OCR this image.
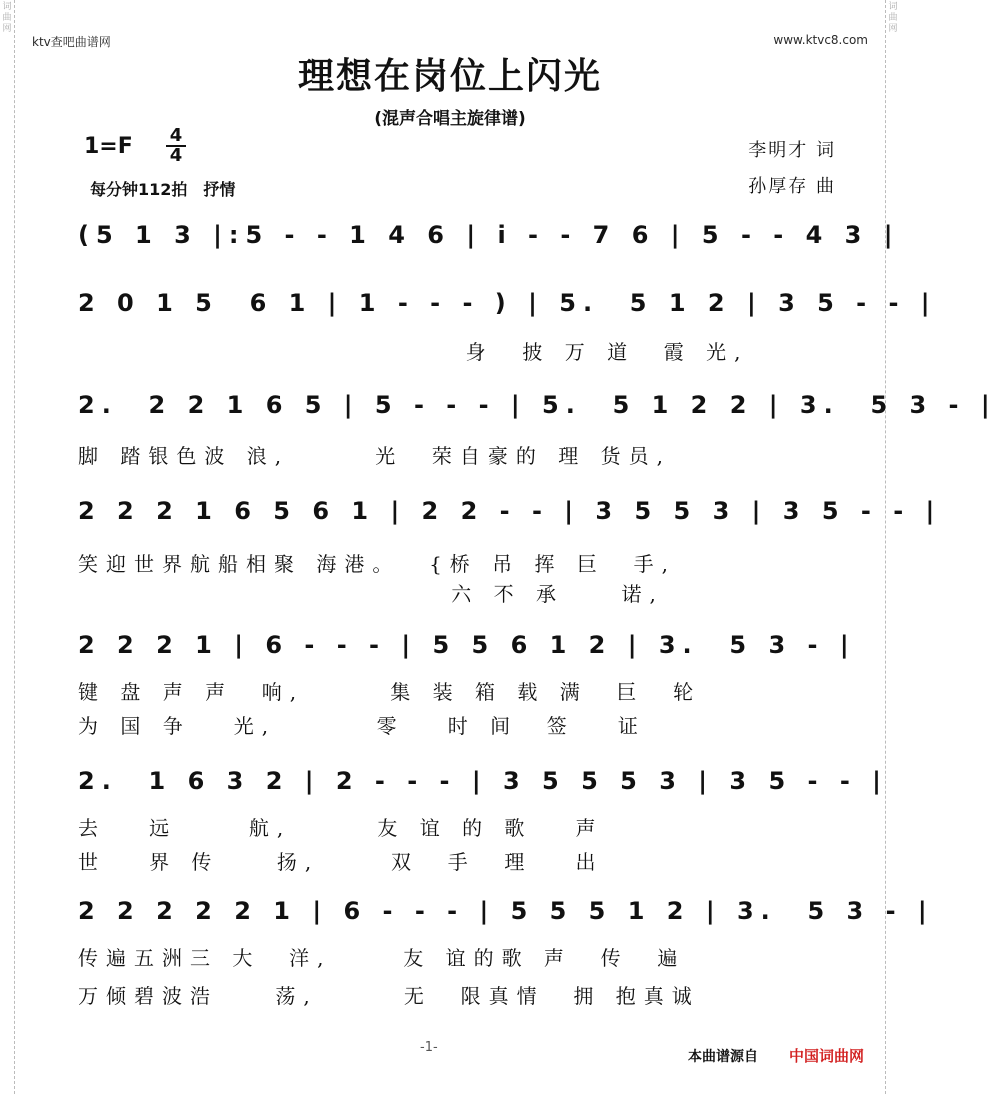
词曲网
词曲网
ktv查吧曲谱网	www.ktvc8.com
理想在岗位上闪光
(混声合唱主旋律谱)
1=F 4
4
每分钟112拍　抒情
李明才 词
孙厚存 曲
(5 1 3 |:5 - - 1 4 6 | i - - 7 6 | 5 - - 4 3 |
2 0 1 5  6 1 | 1 - - - ) | 5.  5 1 2 | 3 5 - - |
身  披 万 道  霞 光,
2.  2 2 1 6 5 | 5 - - - | 5.  5 1 2 2 | 3.  5 3 - |
脚 踏银色波 浪,      光  荣自豪的 理 货员,
2 2 2 1 6 5 6 1 | 2 2 - - | 3 5 5 3 | 3 5 - - |
笑迎世界航船相聚 海港。  {桥 吊 挥 巨  手,
六 不 承    诺,
2 2 2 1 | 6 - - - | 5 5 6 1 2 | 3.  5 3 - |
键 盘 声 声  响,      集 装 箱 载 满  巨  轮
为 国 争   光,       零   时 间  签   证
2.  1 6 3 2 | 2 - - - | 3 5 5 5 3 | 3 5 - - |
去   远     航,      友 谊 的 歌   声
世   界 传    扬,     双  手  理   出
2 2 2 2 2 1 | 6 - - - | 5 5 5 1 2 | 3.  5 3 - |
传遍五洲三 大  洋,     友 谊的歌 声  传  遍
万倾碧波浩    荡,      无  限真情  拥 抱真诚
-1-
本曲谱源自 中国词曲网
